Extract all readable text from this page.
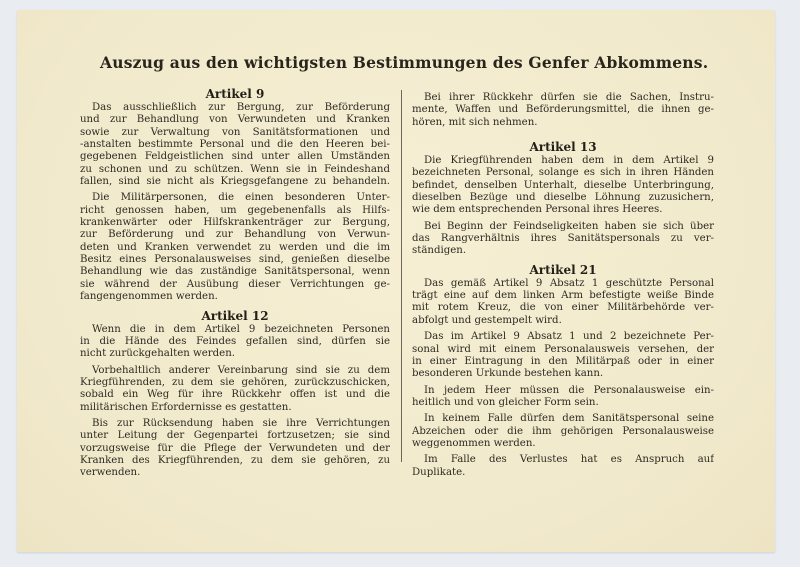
Auszug aus den wichtigsten Bestimmungen des Genfer Abkommens.
Artikel 9
Das ausschließlich zur Bergung, zur Beförderung
und zur Behandlung von Verwundeten und Kranken
sowie zur Verwaltung von Sanitätsformationen und
-anstalten bestimmte Personal und die den Heeren bei-
gegebenen Feldgeistlichen sind unter allen Umständen
zu schonen und zu schützen. Wenn sie in Feindeshand
fallen, sind sie nicht als Kriegsgefangene zu behandeln.
Die Militärpersonen, die einen besonderen Unter-
richt genossen haben, um gegebenenfalls als Hilfs-
krankenwärter oder Hilfskrankenträger zur Bergung,
zur Beförderung und zur Behandlung von Verwun-
deten und Kranken verwendet zu werden und die im
Besitz eines Personalausweises sind, genießen dieselbe
Behandlung wie das zuständige Sanitätspersonal, wenn
sie während der Ausübung dieser Verrichtungen ge-
fangengenommen werden.
Artikel 12
Wenn die in dem Artikel 9 bezeichneten Personen
in die Hände des Feindes gefallen sind, dürfen sie
nicht zurückgehalten werden.
Vorbehaltlich anderer Vereinbarung sind sie zu dem
Kriegführenden, zu dem sie gehören, zurückzuschicken,
sobald ein Weg für ihre Rückkehr offen ist und die
militärischen Erfordernisse es gestatten.
Bis zur Rücksendung haben sie ihre Verrichtungen
unter Leitung der Gegenpartei fortzusetzen; sie sind
vorzugsweise für die Pflege der Verwundeten und der
Kranken des Kriegführenden, zu dem sie gehören, zu
verwenden.
Bei ihrer Rückkehr dürfen sie die Sachen, Instru-
mente, Waffen und Beförderungsmittel, die ihnen ge-
hören, mit sich nehmen.
Artikel 13
Die Kriegführenden haben dem in dem Artikel 9
bezeichneten Personal, solange es sich in ihren Händen
befindet, denselben Unterhalt, dieselbe Unterbringung,
dieselben Bezüge und dieselbe Löhnung zuzusichern,
wie dem entsprechenden Personal ihres Heeres.
Bei Beginn der Feindseligkeiten haben sie sich über
das Rangverhältnis ihres Sanitätspersonals zu ver-
ständigen.
Artikel 21
Das gemäß Artikel 9 Absatz 1 geschützte Personal
trägt eine auf dem linken Arm befestigte weiße Binde
mit rotem Kreuz, die von einer Militärbehörde ver-
abfolgt und gestempelt wird.
Das im Artikel 9 Absatz 1 und 2 bezeichnete Per-
sonal wird mit einem Personalausweis versehen, der
in einer Eintragung in den Militärpaß oder in einer
besonderen Urkunde bestehen kann.
In jedem Heer müssen die Personalausweise ein-
heitlich und von gleicher Form sein.
In keinem Falle dürfen dem Sanitätspersonal seine
Abzeichen oder die ihm gehörigen Personalausweise
weggenommen werden.
Im Falle des Verlustes hat es Anspruch auf
Duplikate.
